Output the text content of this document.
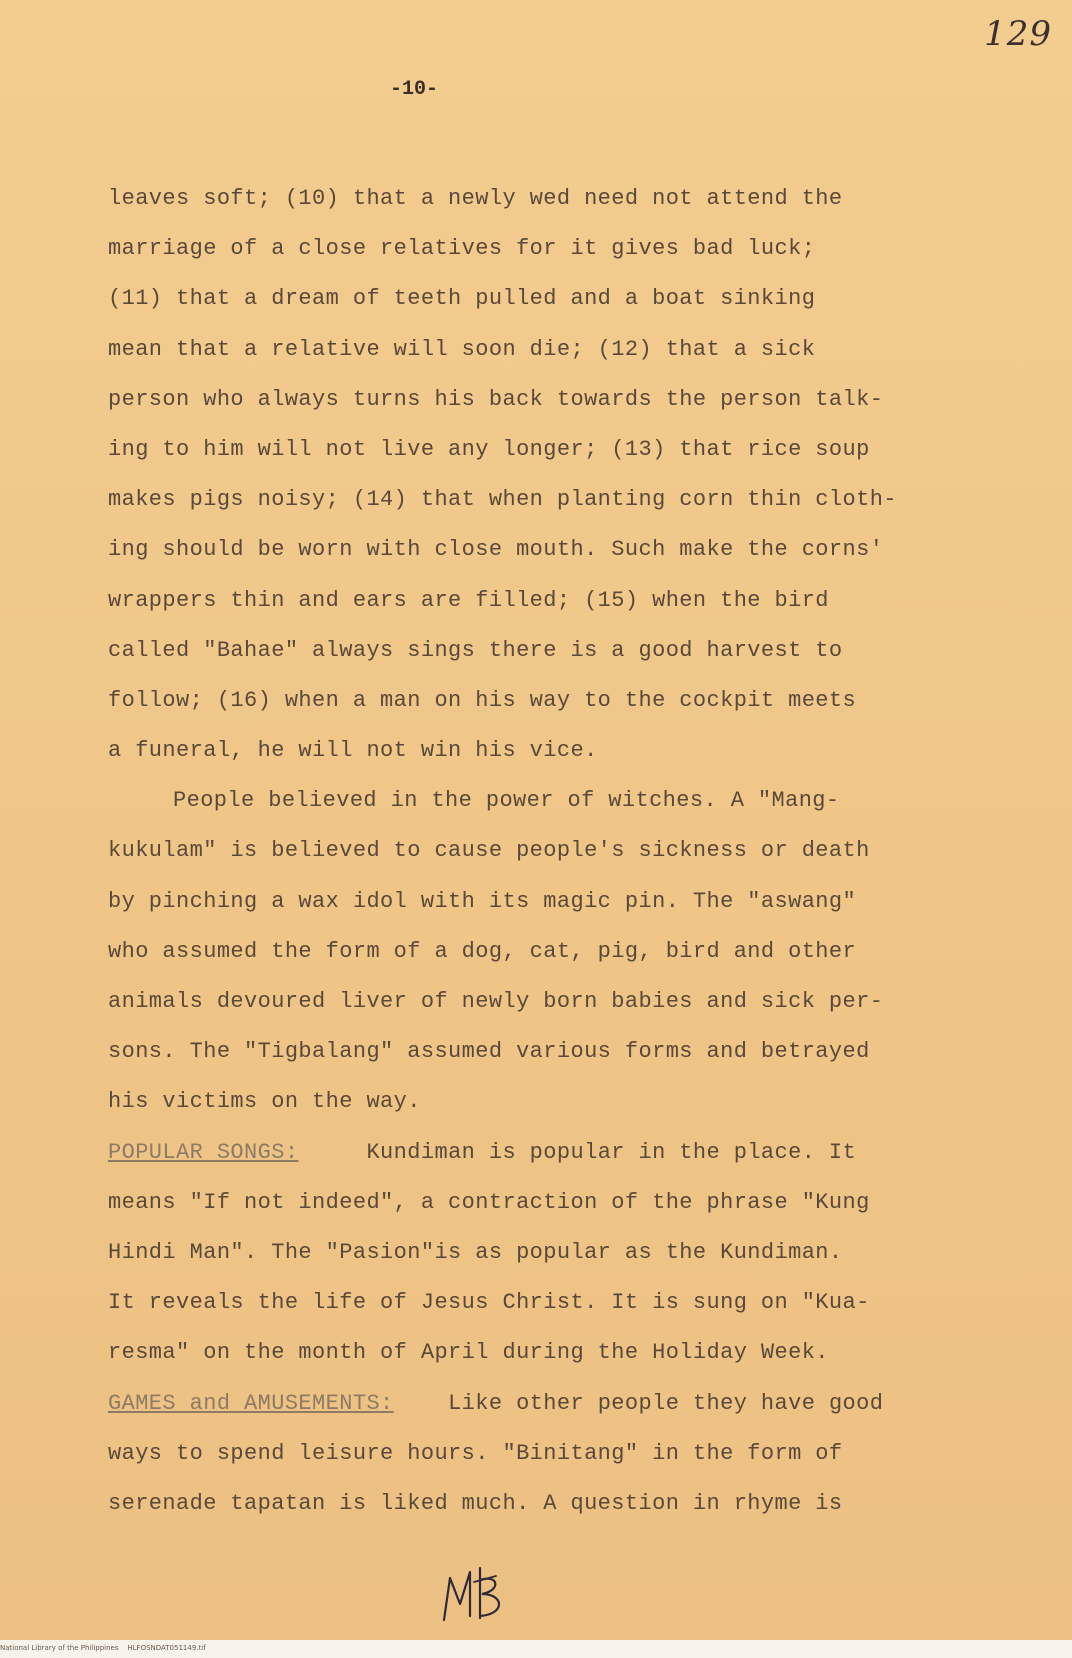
129
-10-
leaves soft; (10) that a newly wed need not attend the
marriage of a close relatives for it gives bad luck;
(11) that a dream of teeth pulled and a boat sinking
mean that a relative will soon die; (12) that a sick
person who always turns his back towards the person talk-
ing to him will not live any longer; (13) that rice soup
makes pigs noisy; (14) that when planting corn thin cloth-
ing should be worn with close mouth. Such make the corns'
wrappers thin and ears are filled; (15) when the bird
called "Bahae" always sings there is a good harvest to
follow; (16) when a man on his way to the cockpit meets
a funeral, he will not win his vice.
People believed in the power of witches. A "Mang-
kukulam" is believed to cause people's sickness or death
by pinching a wax idol with its magic pin. The "aswang"
who assumed the form of a dog, cat, pig, bird and other
animals devoured liver of newly born babies and sick per-
sons. The "Tigbalang" assumed various forms and betrayed
his victims on the way.
POPULAR SONGS:	Kundiman is popular in the place. It
means "If not indeed", a contraction of the phrase "Kung
Hindi Man". The "Pasion"is as popular as the Kundiman.
It reveals the life of Jesus Christ. It is sung on "Kua-
resma" on the month of April during the Holiday Week.
GAMES and AMUSEMENTS: Like other people they have good
ways to spend leisure hours. "Binitang" in the form of
serenade tapatan is liked much. A question in rhyme is
National Library of the Philippines    HLFOSNDAT051149.tif
